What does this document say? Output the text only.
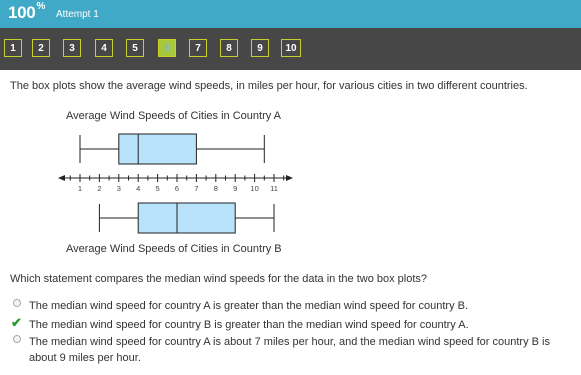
100%
Attempt 1
1	2	3	4	5	6	7	8	9	10
The box plots show the average wind speeds, in miles per hour, for various cities in two different countries.
Average Wind Speeds of Cities in Country A
Average Wind Speeds of Cities in Country B
1 2 3 4 5 6 7 8 9 10 11
Which statement compares the median wind speeds for the data in the two box plots?
The median wind speed for country A is greater than the median wind speed for country B.
✔ The median wind speed for country B is greater than the median wind speed for country A.
The median wind speed for country A is about 7 miles per hour, and the median wind speed for country B is about 9 miles per hour.
